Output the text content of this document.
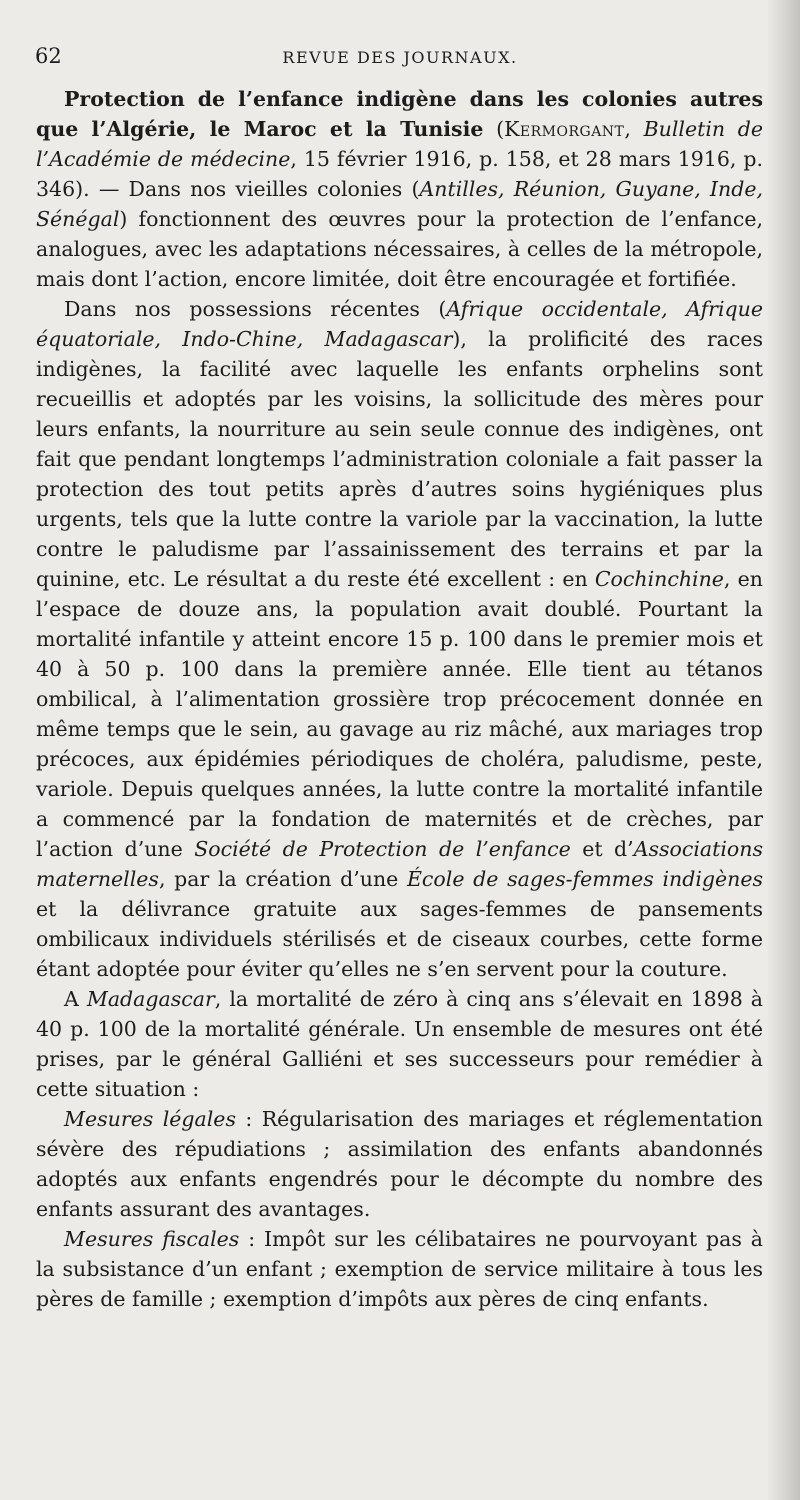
62	REVUE DES JOURNAUX.

Protection de l’enfance indigène dans les colonies autres que l’Algérie, le Maroc et la Tunisie (Kermorgant, Bulletin de l’Académie de médecine, 15 février 1916, p. 158, et 28 mars 1916, p. 346). — Dans nos vieilles colonies (Antilles, Réunion, Guyane, Inde, Sénégal) fonctionnent des œuvres pour la protection de l’enfance, analogues, avec les adaptations nécessaires, à celles de la métropole, mais dont l’action, encore limitée, doit être encouragée et fortifiée.

Dans nos possessions récentes (Afrique occidentale, Afrique équatoriale, Indo-Chine, Madagascar), la prolificité des races indigènes, la facilité avec laquelle les enfants orphelins sont recueillis et adoptés par les voisins, la sollicitude des mères pour leurs enfants, la nourriture au sein seule connue des indigènes, ont fait que pendant longtemps l’administration coloniale a fait passer la protection des tout petits après d’autres soins hygiéniques plus urgents, tels que la lutte contre la variole par la vaccination, la lutte contre le paludisme par l’assainissement des terrains et par la quinine, etc. Le résultat a du reste été excellent : en Cochinchine, en l’espace de douze ans, la population avait doublé. Pourtant la mortalité infantile y atteint encore 15 p. 100 dans le premier mois et 40 à 50 p. 100 dans la première année. Elle tient au tétanos ombilical, à l’alimentation grossière trop précocement donnée en même temps que le sein, au gavage au riz mâché, aux mariages trop précoces, aux épidémies périodiques de choléra, paludisme, peste, variole. Depuis quelques années, la lutte contre la mortalité infantile a commencé par la fondation de maternités et de crèches, par l’action d’une Société de Protection de l’enfance et d’Associations maternelles, par la création d’une École de sages-femmes indigènes et la délivrance gratuite aux sages-femmes de pansements ombilicaux individuels stérilisés et de ciseaux courbes, cette forme étant adoptée pour éviter qu’elles ne s’en servent pour la couture.

A Madagascar, la mortalité de zéro à cinq ans s’élevait en 1898 à 40 p. 100 de la mortalité générale. Un ensemble de mesures ont été prises, par le général Galliéni et ses successeurs pour remédier à cette situation :

Mesures légales : Régularisation des mariages et réglementation sévère des répudiations ; assimilation des enfants abandonnés adoptés aux enfants engendrés pour le décompte du nombre des enfants assurant des avantages.

Mesures fiscales : Impôt sur les célibataires ne pourvoyant pas à la subsistance d’un enfant ; exemption de service militaire à tous les pères de famille ; exemption d’impôts aux pères de cinq enfants.
